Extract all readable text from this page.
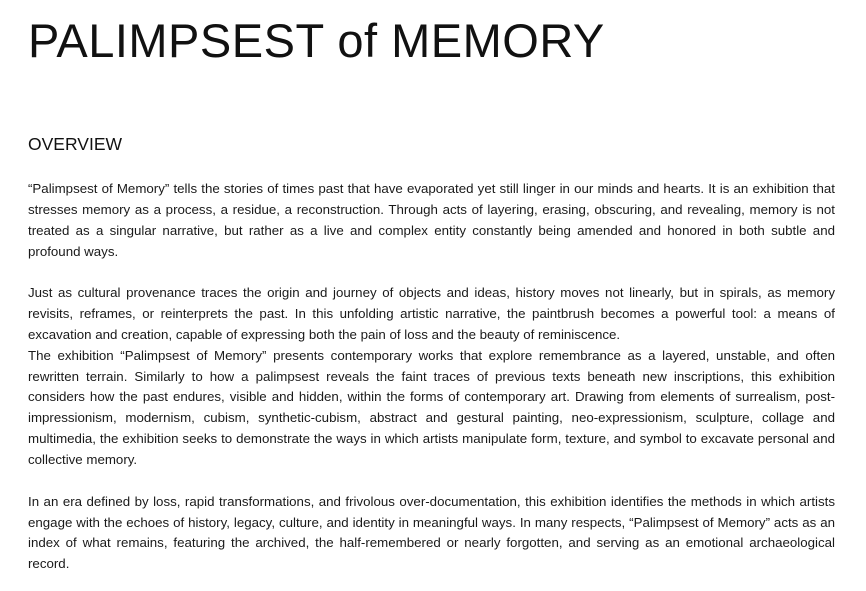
PALIMPSEST of MEMORY
OVERVIEW

“Palimpsest of Memory” tells the stories of times past that have evaporated yet still linger in our minds and hearts. It is an exhibition that stresses memory as a process, a residue, a reconstruction. Through acts of layering, erasing, obscuring, and revealing, memory is not treated as a singular narrative, but rather as a live and complex entity constantly being amended and honored in both subtle and profound ways.

Just as cultural provenance traces the origin and journey of objects and ideas, history moves not linearly, but in spirals, as memory revisits, reframes, or reinterprets the past. In this unfolding artistic narrative, the paintbrush becomes a powerful tool: a means of excavation and creation, capable of expressing both the pain of loss and the beauty of reminiscence.

The exhibition “Palimpsest of Memory” presents contemporary works that explore remembrance as a layered, unstable, and often rewritten terrain. Similarly to how a palimpsest reveals the faint traces of previous texts beneath new inscriptions, this exhibition considers how the past endures, visible and hidden, within the forms of contemporary art. Drawing from elements of surrealism, post-impressionism, modernism, cubism, synthetic-cubism, abstract and gestural painting, neo-expressionism, sculpture, collage and multimedia, the exhibition seeks to demonstrate the ways in which artists manipulate form, texture, and symbol to excavate personal and collective memory.

In an era defined by loss, rapid transformations, and frivolous over-documentation, this exhibition identifies the methods in which artists engage with the echoes of history, legacy, culture, and identity in meaningful ways. In many respects, “Palimpsest of Memory” acts as an index of what remains, featuring the archived, the half-remembered or nearly forgotten, and serving as an emotional archaeological record.
